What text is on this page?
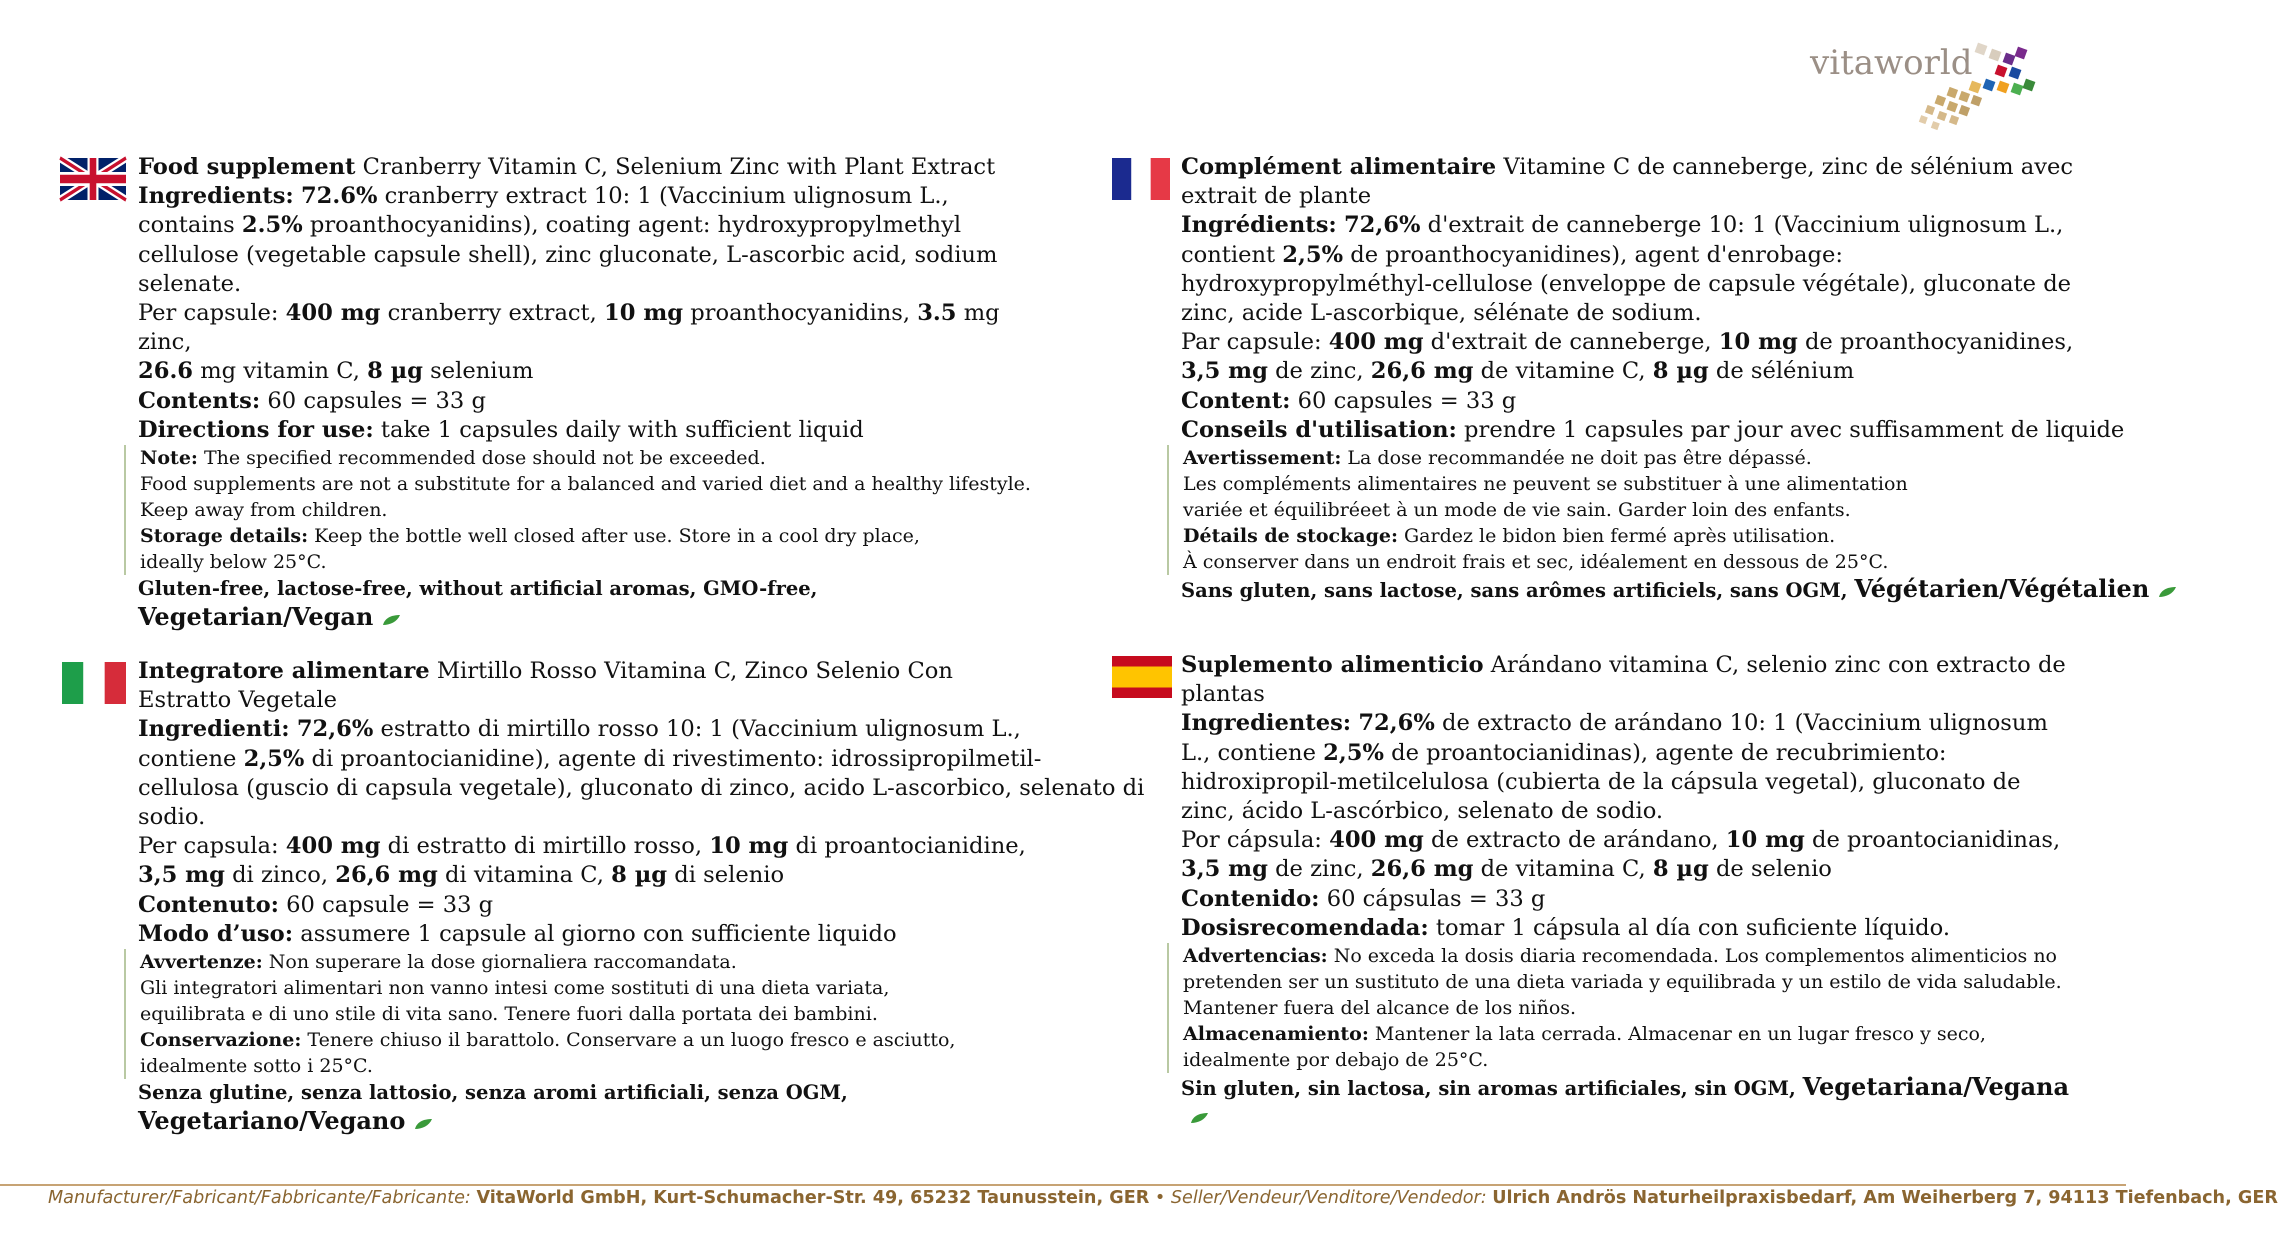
vitaworld
Food supplement Cranberry Vitamin C, Selenium Zinc with Plant Extract
Ingredients: 72.6% cranberry extract 10: 1 (Vaccinium ulignosum L., contains 2.5% proanthocyanidins), coating agent: hydroxypropylmethyl cellulose (vegetable capsule shell), zinc gluconate, L-ascorbic acid, sodium selenate.
Per capsule: 400 mg cranberry extract, 10 mg proanthocyanidins, 3.5 mg zinc,
26.6 mg vitamin C, 8 µg selenium
Contents: 60 capsules = 33 g
Directions for use: take 1 capsules daily with sufficient liquid
Note: The specified recommended dose should not be exceeded.
Food supplements are not a substitute for a balanced and varied diet and a healthy lifestyle.
Keep away from children.
Storage details: Keep the bottle well closed after use. Store in a cool dry place,
ideally below 25°C.
Gluten-free, lactose-free, without artificial aromas, GMO-free, Vegetarian/Vegan
Complément alimentaire Vitamine C de canneberge, zinc de sélénium avec extrait de plante
Ingrédients: 72,6% d'extrait de canneberge 10: 1 (Vaccinium ulignosum L., contient 2,5% de proanthocyanidines), agent d'enrobage: hydroxypropylméthyl-cellulose (enveloppe de capsule végétale), gluconate de zinc, acide L-ascorbique, sélénate de sodium.
Par capsule: 400 mg d'extrait de canneberge, 10 mg de proanthocyanidines,
3,5 mg de zinc, 26,6 mg de vitamine C, 8 µg de sélénium
Content: 60 capsules = 33 g
Conseils d'utilisation: prendre 1 capsules par jour avec suffisamment de liquide
Avertissement: La dose recommandée ne doit pas être dépassé.
Les compléments alimentaires ne peuvent se substituer à une alimentation
variée et équilibréeet à un mode de vie sain. Garder loin des enfants.
Détails de stockage: Gardez le bidon bien fermé après utilisation.
À conserver dans un endroit frais et sec, idéalement en dessous de 25°C.
Sans gluten, sans lactose, sans arômes artificiels, sans OGM, Végétarien/Végétalien
Integratore alimentare Mirtillo Rosso Vitamina C, Zinco Selenio Con Estratto Vegetale
Ingredienti: 72,6% estratto di mirtillo rosso 10: 1 (Vaccinium ulignosum L.,
contiene 2,5% di proantocianidine), agente di rivestimento: idrossipropilmetil-
cellulosa (guscio di capsula vegetale), gluconato di zinco, acido L-ascorbico, selenato di
sodio.
Per capsula: 400 mg di estratto di mirtillo rosso, 10 mg di proantocianidine,
3,5 mg di zinco, 26,6 mg di vitamina C, 8 µg di selenio
Contenuto: 60 capsule = 33 g
Modo d’uso: assumere 1 capsule al giorno con sufficiente liquido
Avvertenze: Non superare la dose giornaliera raccomandata.
Gli integratori alimentari non vanno intesi come sostituti di una dieta variata,
equilibrata e di uno stile di vita sano. Tenere fuori dalla portata dei bambini.
Conservazione: Tenere chiuso il barattolo. Conservare a un luogo fresco e asciutto,
idealmente sotto i 25°C.
Senza glutine, senza lattosio, senza aromi artificiali, senza OGM, Vegetariano/Vegano
Suplemento alimenticio Arándano vitamina C, selenio zinc con extracto de plantas
Ingredientes: 72,6% de extracto de arándano 10: 1 (Vaccinium ulignosum L., contiene 2,5% de proantocianidinas), agente de recubrimiento: hidroxipropil-metilcelulosa (cubierta de la cápsula vegetal), gluconato de zinc, ácido L-ascórbico, selenato de sodio.
Por cápsula: 400 mg de extracto de arándano, 10 mg de proantocianidinas,
3,5 mg de zinc, 26,6 mg de vitamina C, 8 µg de selenio
Contenido: 60 cápsulas = 33 g
Dosisrecomendada: tomar 1 cápsula al día con suficiente líquido.
Advertencias: No exceda la dosis diaria recomendada. Los complementos alimenticios no
pretenden ser un sustituto de una dieta variada y equilibrada y un estilo de vida saludable.
Mantener fuera del alcance de los niños.
Almacenamiento: Mantener la lata cerrada. Almacenar en un lugar fresco y seco,
idealmente por debajo de 25°C.
Sin gluten, sin lactosa, sin aromas artificiales, sin OGM, Vegetariana/Vegana
Manufacturer/Fabricant/Fabbricante/Fabricante: VitaWorld GmbH, Kurt-Schumacher-Str. 49, 65232 Taunusstein, GER • Seller/Vendeur/Venditore/Vendedor: Ulrich Andrös Naturheilpraxisbedarf, Am Weiherberg 7, 94113 Tiefenbach, GER
